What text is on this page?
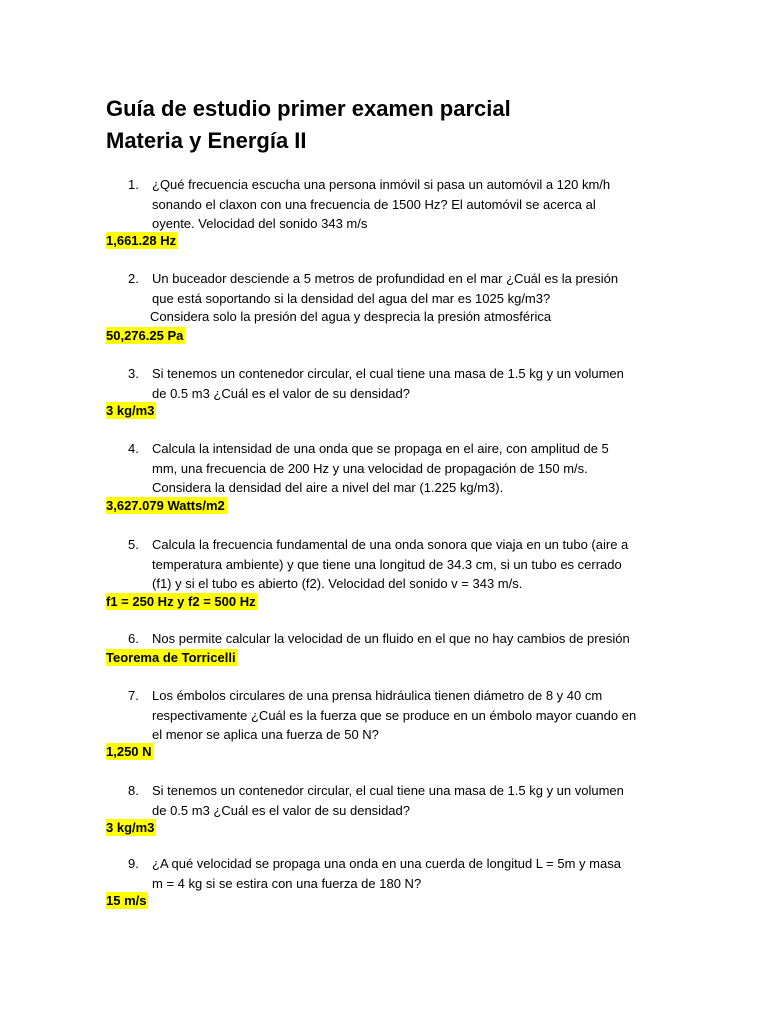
Guía de estudio primer examen parcial
Materia y Energía II
1.	¿Qué frecuencia escucha una persona inmóvil si pasa un automóvil a 120 km/h
sonando el claxon con una frecuencia de 1500 Hz? El automóvil se acerca al
oyente. Velocidad del sonido 343 m/s
1,661.28 Hz
2.	Un buceador desciende a 5 metros de profundidad en el mar ¿Cuál es la presión
que está soportando si la densidad del agua del mar es 1025 kg/m3?
Considera solo la presión del agua y desprecia la presión atmosférica
50,276.25 Pa
3.	Si tenemos un contenedor circular, el cual tiene una masa de 1.5 kg y un volumen
de 0.5 m3 ¿Cuál es el valor de su densidad?
3 kg/m3
4.	Calcula la intensidad de una onda que se propaga en el aire, con amplitud de 5
mm, una frecuencia de 200 Hz y una velocidad de propagación de 150 m/s.
Considera la densidad del aire a nivel del mar (1.225 kg/m3).
3,627.079 Watts/m2
5.	Calcula la frecuencia fundamental de una onda sonora que viaja en un tubo (aire a
temperatura ambiente) y que tiene una longitud de 34.3 cm, si un tubo es cerrado
(f1) y si el tubo es abierto (f2). Velocidad del sonido v = 343 m/s.
f1 = 250 Hz y f2 = 500 Hz
6.	Nos permite calcular la velocidad de un fluido en el que no hay cambios de presión
Teorema de Torricelli
7.	Los émbolos circulares de una prensa hidráulica tienen diámetro de 8 y 40 cm
respectivamente ¿Cuál es la fuerza que se produce en un émbolo mayor cuando en
el menor se aplica una fuerza de 50 N?
1,250 N
8.	Si tenemos un contenedor circular, el cual tiene una masa de 1.5 kg y un volumen
de 0.5 m3 ¿Cuál es el valor de su densidad?
3 kg/m3
9.	¿A qué velocidad se propaga una onda en una cuerda de longitud L = 5m y masa
m = 4 kg si se estira con una fuerza de 180 N?
15 m/s
